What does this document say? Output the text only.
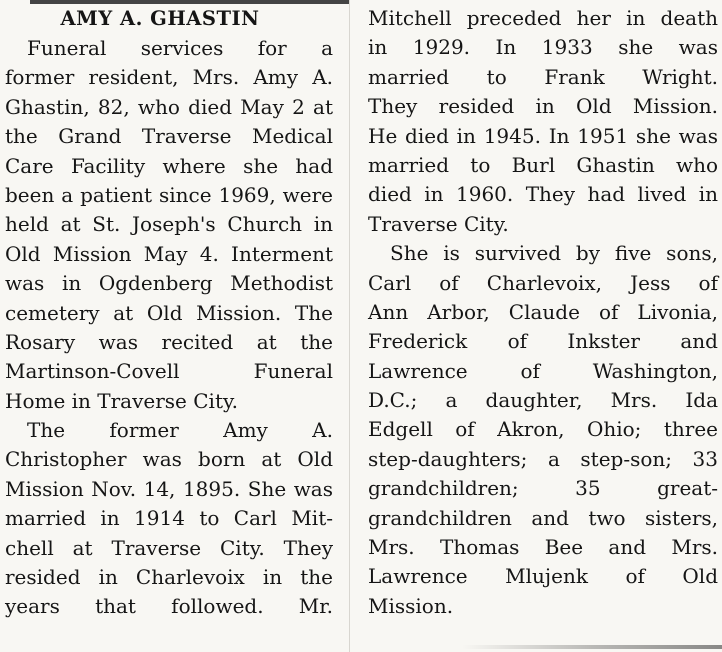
AMY A. GHASTIN
Funeral services for a
former resident, Mrs. Amy A.
Ghastin, 82, who died May 2 at
the Grand Traverse Medical
Care Facility where she had
been a patient since 1969, were
held at St. Joseph's Church in
Old Mission May 4. Interment
was in Ogdenberg Methodist
cemetery at Old Mission. The
Rosary was recited at the
Martinson-Covell Funeral
Home in Traverse City.
The former Amy A.
Christopher was born at Old
Mission Nov. 14, 1895. She was
married in 1914 to Carl Mit-
chell at Traverse City. They
resided in Charlevoix in the
years that followed. Mr.
Mitchell preceded her in death
in 1929. In 1933 she was
married to Frank Wright.
They resided in Old Mission.
He died in 1945. In 1951 she was
married to Burl Ghastin who
died in 1960. They had lived in
Traverse City.
She is survived by five sons,
Carl of Charlevoix, Jess of
Ann Arbor, Claude of Livonia,
Frederick of Inkster and
Lawrence of Washington,
D.C.; a daughter, Mrs. Ida
Edgell of Akron, Ohio; three
step-daughters; a step-son; 33
grandchildren; 35 great-
grandchildren and two sisters,
Mrs. Thomas Bee and Mrs.
Lawrence Mlujenk of Old
Mission.
